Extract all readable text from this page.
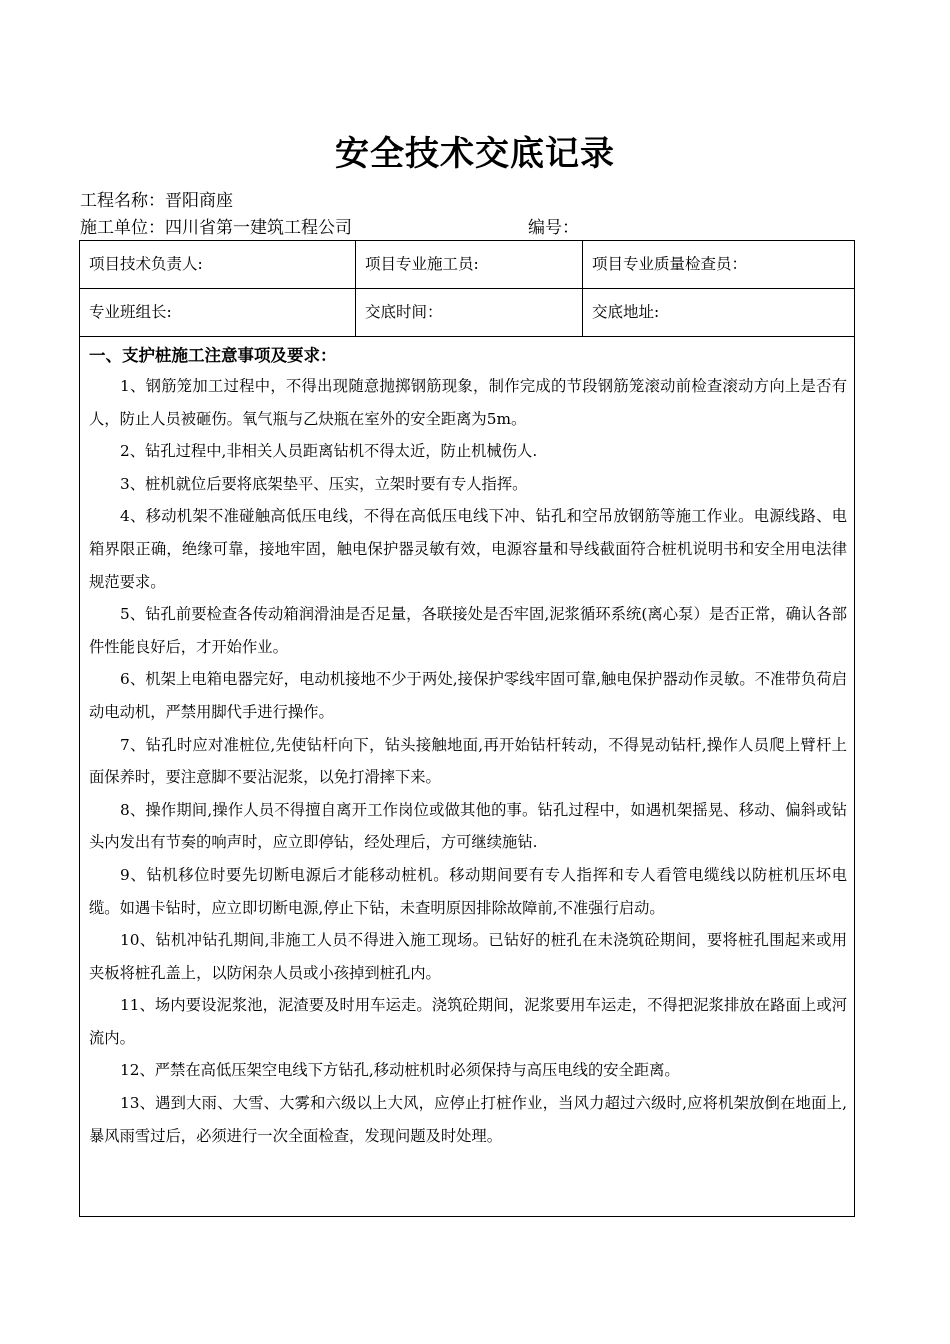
安全技术交底记录
工程名称：晋阳商座
施工单位：四川省第一建筑工程公司	编号：
项目技术负责人:	项目专业施工员:	项目专业质量检查员：
专业班组长:	交底时间：	交底地址:
一、支护桩施工注意事项及要求：

1、钢筋笼加工过程中，不得出现随意抛掷钢筋现象，制作完成的节段钢筋笼滚动前检查滚动方向上是否有人，防止人员被砸伤。氧气瓶与乙炔瓶在室外的安全距离为5m。

2、钻孔过程中,非相关人员距离钻机不得太近，防止机械伤人.

3、桩机就位后要将底架垫平、压实，立架时要有专人指挥。

4、移动机架不准碰触高低压电线，不得在高低压电线下冲、钻孔和空吊放钢筋等施工作业。电源线路、电箱界限正确，绝缘可靠，接地牢固，触电保护器灵敏有效，电源容量和导线截面符合桩机说明书和安全用电法律规范要求。

5、钻孔前要检查各传动箱润滑油是否足量，各联接处是否牢固,泥浆循环系统(离心泵）是否正常，确认各部件性能良好后，才开始作业。

6、机架上电箱电器完好，电动机接地不少于两处,接保护零线牢固可靠,触电保护器动作灵敏。不准带负荷启动电动机，严禁用脚代手进行操作。

7、钻孔时应对准桩位,先使钻杆向下，钻头接触地面,再开始钻杆转动，不得晃动钻杆,操作人员爬上臂杆上面保养时，要注意脚不要沾泥浆，以免打滑摔下来。

8、操作期间,操作人员不得擅自离开工作岗位或做其他的事。钻孔过程中，如遇机架摇晃、移动、偏斜或钻头内发出有节奏的响声时，应立即停钻，经处理后，方可继续施钻.

9、钻机移位时要先切断电源后才能移动桩机。移动期间要有专人指挥和专人看管电缆线以防桩机压坏电缆。如遇卡钻时，应立即切断电源,停止下钻，未查明原因排除故障前,不准强行启动。

10、钻机冲钻孔期间,非施工人员不得进入施工现场。已钻好的桩孔在未浇筑砼期间，要将桩孔围起来或用夹板将桩孔盖上，以防闲杂人员或小孩掉到桩孔内。

11、场内要设泥浆池，泥渣要及时用车运走。浇筑砼期间，泥浆要用车运走，不得把泥浆排放在路面上或河流内。

12、严禁在高低压架空电线下方钻孔,移动桩机时必须保持与高压电线的安全距离。

13、遇到大雨、大雪、大雾和六级以上大风，应停止打桩作业，当风力超过六级时,应将机架放倒在地面上,暴风雨雪过后，必须进行一次全面检查，发现问题及时处理。
